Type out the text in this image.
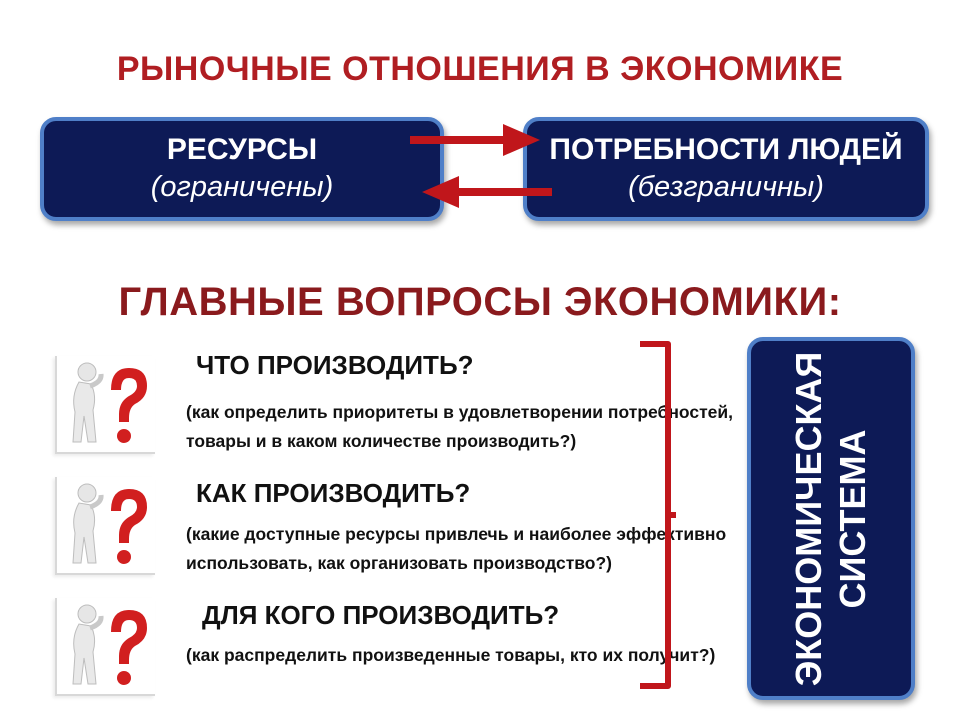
РЫНОЧНЫЕ ОТНОШЕНИЯ В ЭКОНОМИКЕ
РЕСУРСЫ
(ограничены)
ПОТРЕБНОСТИ ЛЮДЕЙ
(безграничны)
ГЛАВНЫЕ ВОПРОСЫ ЭКОНОМИКИ:
ЧТО ПРОИЗВОДИТЬ?
(как определить приоритеты в удовлетворении потребностей,
товары и в каком количестве производить?)
КАК ПРОИЗВОДИТЬ?
(какие доступные ресурсы привлечь и наиболее эффективно
использовать, как организовать производство?)
ДЛЯ КОГО ПРОИЗВОДИТЬ?
(как распределить произведенные товары, кто их получит?)	ЭКОНОМИЧЕСКАЯ СИСТЕМА
